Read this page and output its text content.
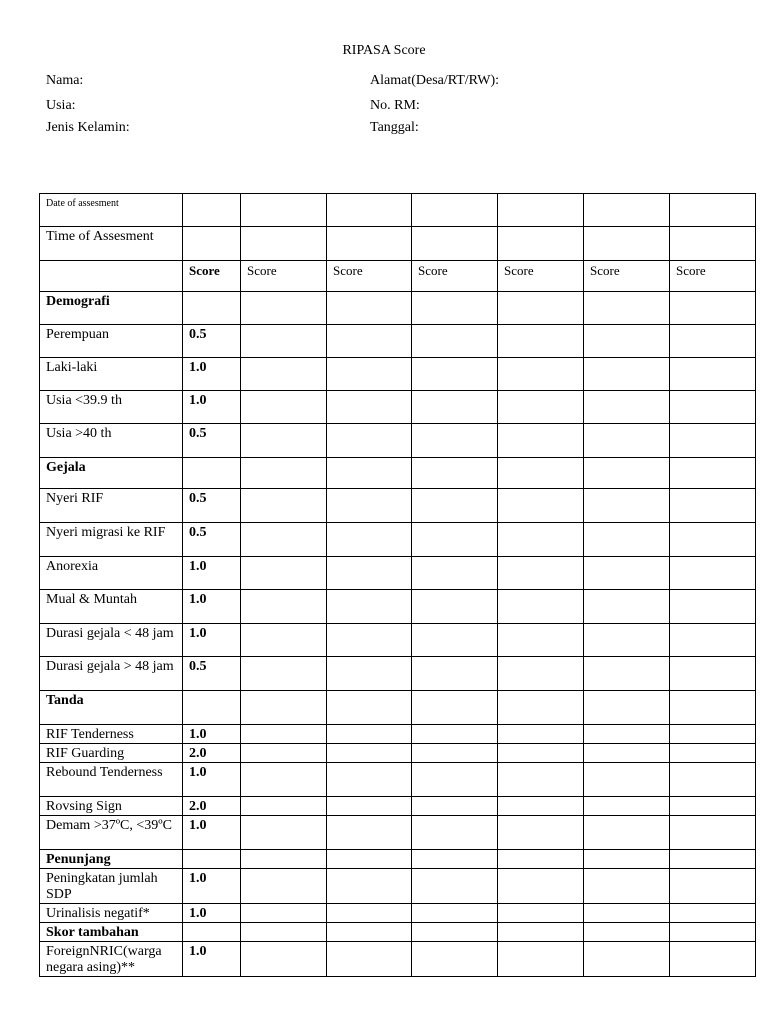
RIPASA Score
Nama:	Alamat(Desa/RT/RW):
Usia:	No. RM:
Jenis Kelamin:	Tanggal:
Date of assesment							
Time of Assesment							
	Score	Score	Score	Score	Score	Score	Score
Demografi							
Perempuan	0.5						
Laki-laki	1.0						
Usia <39.9 th	1.0						
Usia >40 th	0.5						
Gejala							
Nyeri RIF	0.5						
Nyeri migrasi ke RIF	0.5						
Anorexia	1.0						
Mual & Muntah	1.0						
Durasi gejala < 48 jam	1.0						
Durasi gejala > 48 jam	0.5						
Tanda							
RIF Tenderness	1.0						
RIF Guarding	2.0						
Rebound Tenderness	1.0						
Rovsing Sign	2.0						
Demam >37ºC, <39ºC	1.0						
Penunjang							
Peningkatan jumlah SDP	1.0						
Urinalisis negatif*	1.0						
Skor tambahan							
ForeignNRIC(warga negara asing)**	1.0						
